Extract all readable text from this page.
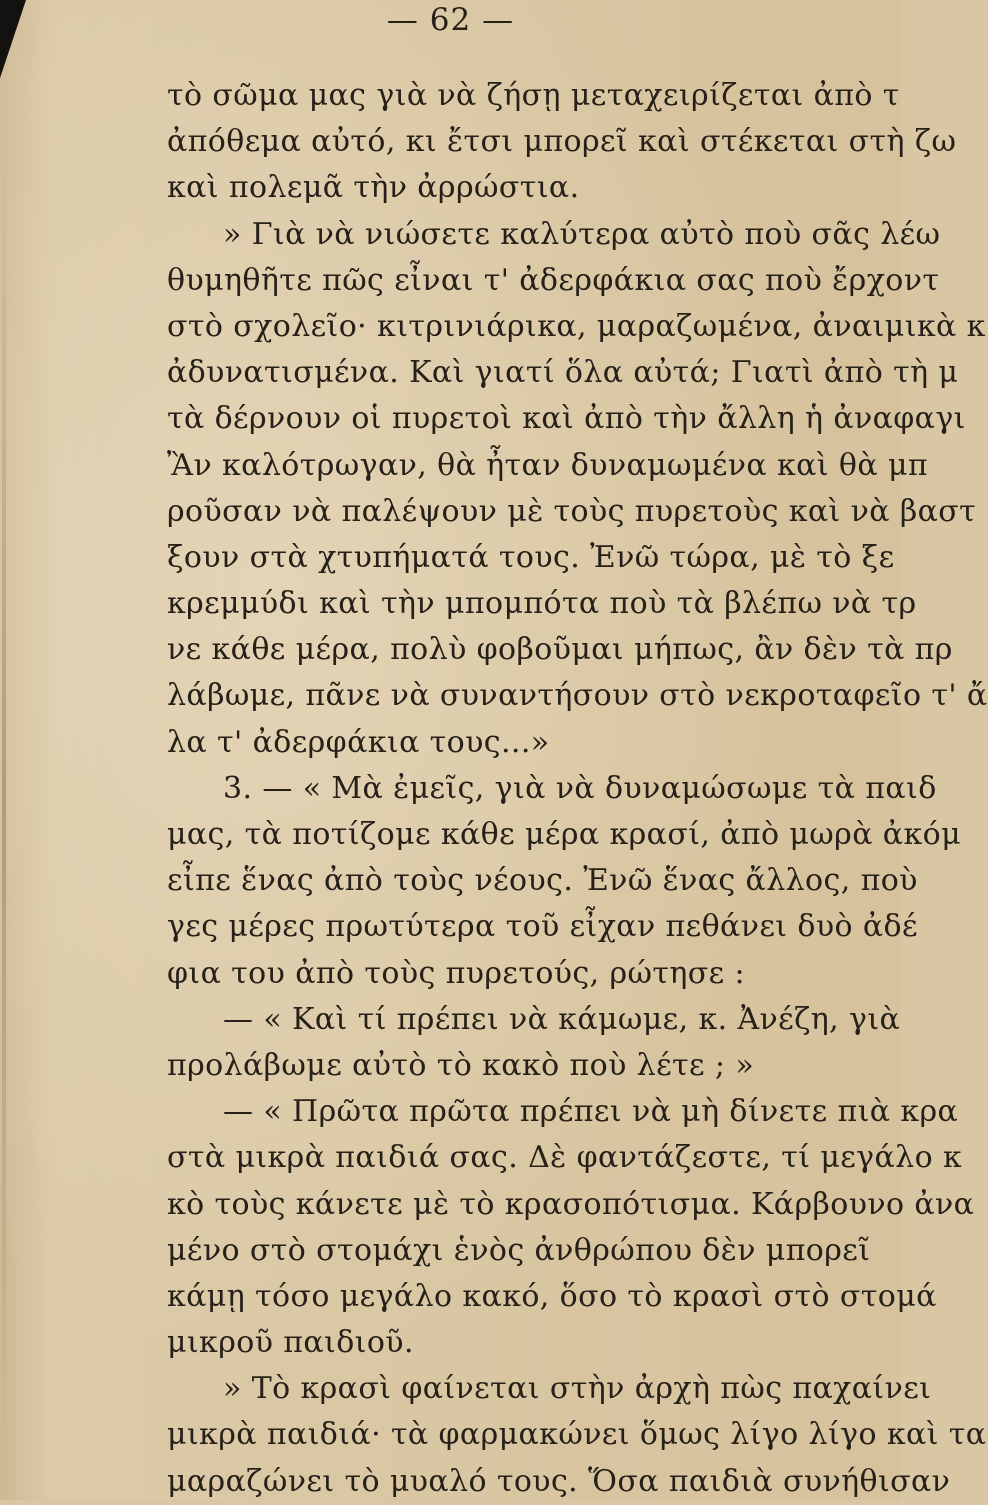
— 62 —
τὸ σῶμα μας γιὰ νὰ ζήσῃ μεταχειρίζεται ἀπὸ τ
ἀπόθεμα αὐτό, κι ἔτσι μπορεῖ καὶ στέκεται στὴ ζω
καὶ πολεμᾶ τὴν ἀρρώστια.
» Γιὰ νὰ νιώσετε καλύτερα αὐτὸ ποὺ σᾶς λέω
θυμηθῆτε πῶς εἶναι τ' ἀδερφάκια σας ποὺ ἔρχοντ
στὸ σχολεῖο· κιτρινιάρικα, μαραζωμένα, ἀναιμικὰ κ
ἀδυνατισμένα. Καὶ γιατί ὅλα αὐτά; Γιατὶ ἀπὸ τὴ μ
τὰ δέρνουν οἱ πυρετοὶ καὶ ἀπὸ τὴν ἄλλη ἡ ἀναφαγι
Ἂν καλότρωγαν, θὰ ἦταν δυναμωμένα καὶ θὰ μπ
ροῦσαν νὰ παλέψουν μὲ τοὺς πυρετοὺς καὶ νὰ βαστ
ξουν στὰ χτυπήματά τους. Ἐνῶ τώρα, μὲ τὸ ξε
κρεμμύδι καὶ τὴν μπομπότα ποὺ τὰ βλέπω νὰ τρ
νε κάθε μέρα, πολὺ φοβοῦμαι μήπως, ἂν δὲν τὰ πρ
λάβωμε, πᾶνε νὰ συναντήσουν στὸ νεκροταφεῖο τ' ἄ
λα τ' ἀδερφάκια τους...»
3. — « Μὰ ἐμεῖς, γιὰ νὰ δυναμώσωμε τὰ παιδ
μας, τὰ ποτίζομε κάθε μέρα κρασί, ἀπὸ μωρὰ ἀκόμ
εἶπε ἕνας ἀπὸ τοὺς νέους. Ἐνῶ ἕνας ἄλλος, ποὺ
γες μέρες πρωτύτερα τοῦ εἶχαν πεθάνει δυὸ ἀδέ
φια του ἀπὸ τοὺς πυρετούς, ρώτησε :
— « Καὶ τί πρέπει νὰ κάμωμε, κ. Ἀνέζη, γιὰ
προλάβωμε αὐτὸ τὸ κακὸ ποὺ λέτε ; »
— « Πρῶτα πρῶτα πρέπει νὰ μὴ δίνετε πιὰ κρα
στὰ μικρὰ παιδιά σας. Δὲ φαντάζεστε, τί μεγάλο κ
κὸ τοὺς κάνετε μὲ τὸ κρασοπότισμα. Κάρβουνο ἀνα
μένο στὸ στομάχι ἑνὸς ἀνθρώπου δὲν μπορεῖ
κάμῃ τόσο μεγάλο κακό, ὅσο τὸ κρασὶ στὸ στομά
μικροῦ παιδιοῦ.
» Τὸ κρασὶ φαίνεται στὴν ἀρχὴ πὼς παχαίνει
μικρὰ παιδιά· τὰ φαρμακώνει ὅμως λίγο λίγο καὶ τα
μαραζώνει τὸ μυαλό τους. Ὅσα παιδιὰ συνήθισαν
